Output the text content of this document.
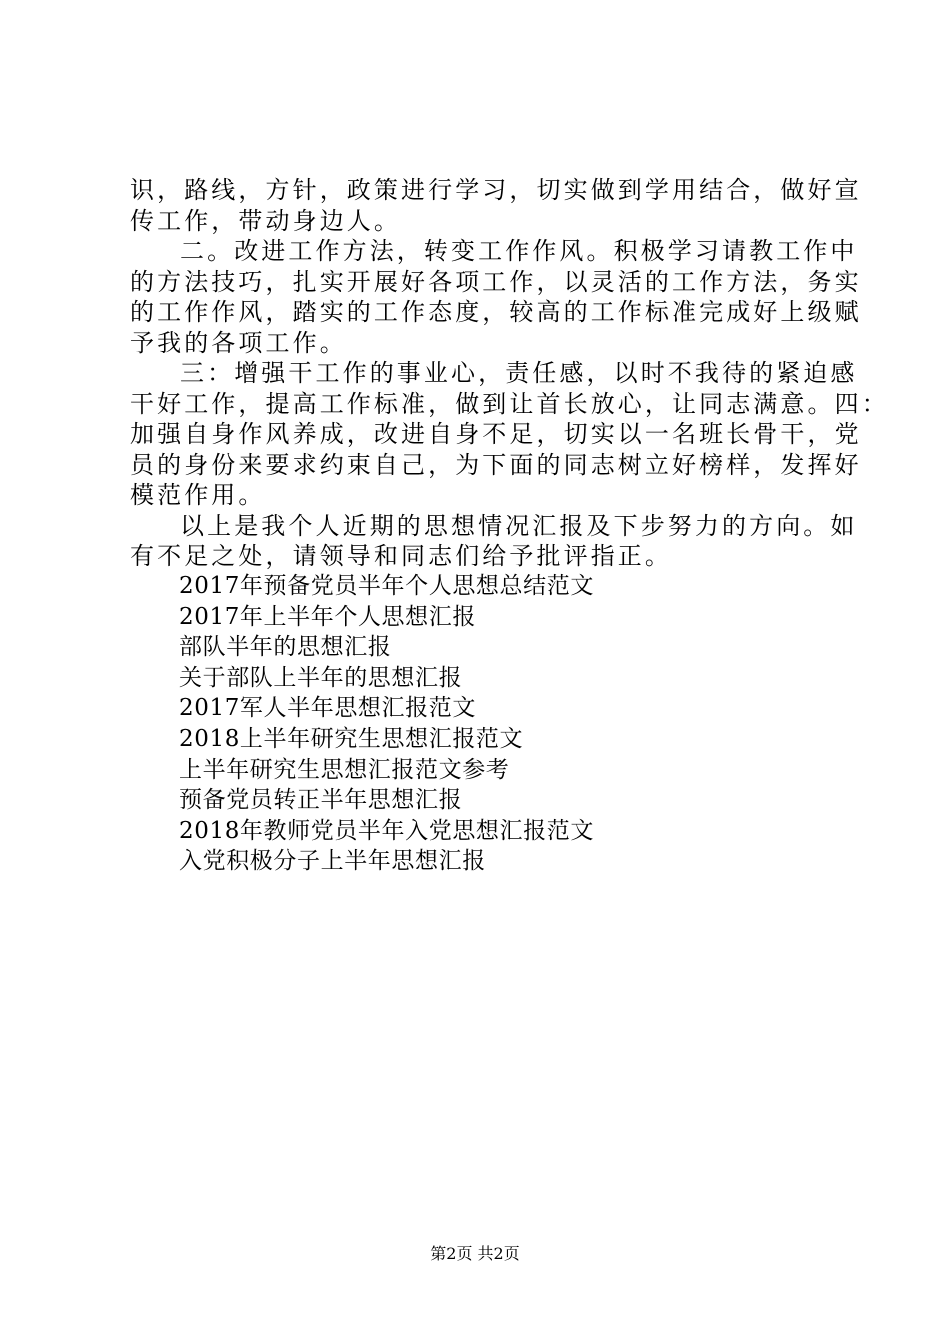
识，路线，方针，政策进行学习，切实做到学用结合，做好宣
传工作，带动身边人。
二。改进工作方法，转变工作作风。积极学习请教工作中
的方法技巧，扎实开展好各项工作，以灵活的工作方法，务实
的工作作风，踏实的工作态度，较高的工作标准完成好上级赋
予我的各项工作。
三：增强干工作的事业心，责任感，以时不我待的紧迫感
干好工作，提高工作标准，做到让首长放心，让同志满意。四：
加强自身作风养成，改进自身不足，切实以一名班长骨干，党
员的身份来要求约束自己，为下面的同志树立好榜样，发挥好
模范作用。
以上是我个人近期的思想情况汇报及下步努力的方向。如
有不足之处，请领导和同志们给予批评指正。
2017年预备党员半年个人思想总结范文
2017年上半年个人思想汇报
部队半年的思想汇报
关于部队上半年的思想汇报
2017军人半年思想汇报范文
2018上半年研究生思想汇报范文
上半年研究生思想汇报范文参考
预备党员转正半年思想汇报
2018年教师党员半年入党思想汇报范文
入党积极分子上半年思想汇报
第2页 共2页
